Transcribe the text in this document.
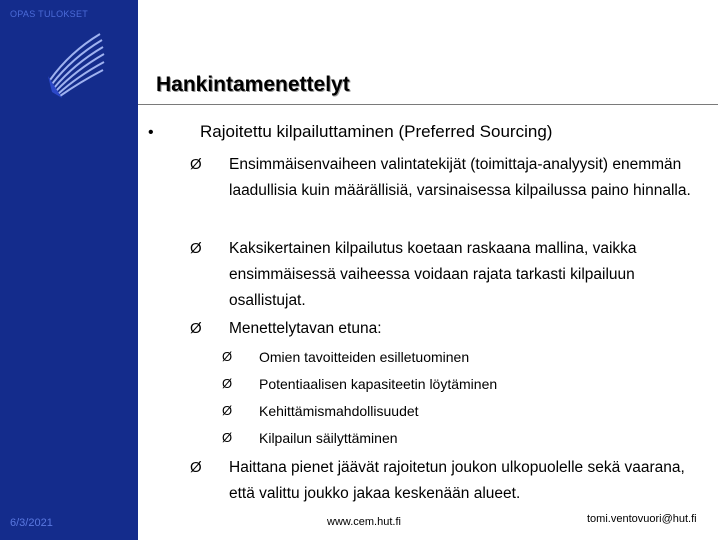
OPAS TULOKSET
6/3/2021
Hankintamenettelyt
•	Rajoitettu kilpailuttaminen (Preferred Sourcing)
Ø Ensimmäisenvaiheen valintatekijät (toimittaja-analyysit) enemmän laadullisia kuin määrällisiä, varsinaisessa kilpailussa paino hinnalla.
Ø Kaksikertainen kilpailutus koetaan raskaana mallina, vaikka ensimmäisessä vaiheessa voidaan rajata tarkasti kilpailuun osallistujat.
Ø Menettelytavan etuna:
Ø Omien tavoitteiden esilletuominen
Ø Potentiaalisen kapasiteetin löytäminen
Ø Kehittämismahdollisuudet
Ø Kilpailun säilyttäminen
Ø Haittana pienet jäävät rajoitetun joukon ulkopuolelle sekä vaarana, että valittu joukko jakaa keskenään alueet.
www.cem.hut.fi	tomi.ventovuori@hut.fi
